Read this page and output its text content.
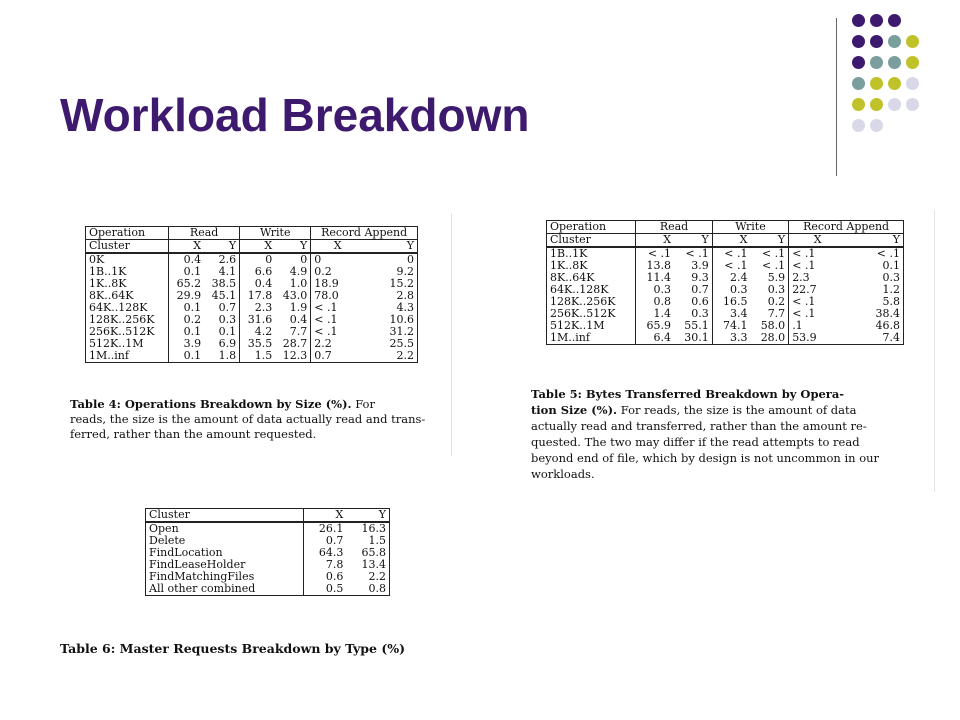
Workload Breakdown
Operation	Read		Write		Record Append	
Cluster	X	Y	X	Y	X	Y
0K	0.4	2.6	0	0	0	0
1B..1K	0.1	4.1	6.6	4.9	0.2	9.2
1K..8K	65.2	38.5	0.4	1.0	18.9	15.2
8K..64K	29.9	45.1	17.8	43.0	78.0	2.8
64K..128K	0.1	0.7	2.3	1.9	< .1	4.3
128K..256K	0.2	0.3	31.6	0.4	< .1	10.6
256K..512K	0.1	0.1	4.2	7.7	< .1	31.2
512K..1M	3.9	6.9	35.5	28.7	2.2	25.5
1M..inf	0.1	1.8	1.5	12.3	0.7	2.2
Table 4: Operations Breakdown by Size (%). For
reads, the size is the amount of data actually read and trans-
ferred, rather than the amount requested.
Operation	Read		Write		Record Append	
Cluster	X	Y	X	Y	X	Y
1B..1K	< .1	< .1	< .1	< .1	< .1	< .1
1K..8K	13.8	3.9	< .1	< .1	< .1	0.1
8K..64K	11.4	9.3	2.4	5.9	2.3	0.3
64K..128K	0.3	0.7	0.3	0.3	22.7	1.2
128K..256K	0.8	0.6	16.5	0.2	< .1	5.8
256K..512K	1.4	0.3	3.4	7.7	< .1	38.4
512K..1M	65.9	55.1	74.1	58.0	.1	46.8
1M..inf	6.4	30.1	3.3	28.0	53.9	7.4
Table 5: Bytes Transferred Breakdown by Opera-
tion Size (%). For reads, the size is the amount of data
actually read and transferred, rather than the amount re-
quested. The two may differ if the read attempts to read
beyond end of file, which by design is not uncommon in our
workloads.
Cluster	X	Y
Open	26.1	16.3
Delete	0.7	1.5
FindLocation	64.3	65.8
FindLeaseHolder	7.8	13.4
FindMatchingFiles	0.6	2.2
All other combined	0.5	0.8
Table 6: Master Requests Breakdown by Type (%)
